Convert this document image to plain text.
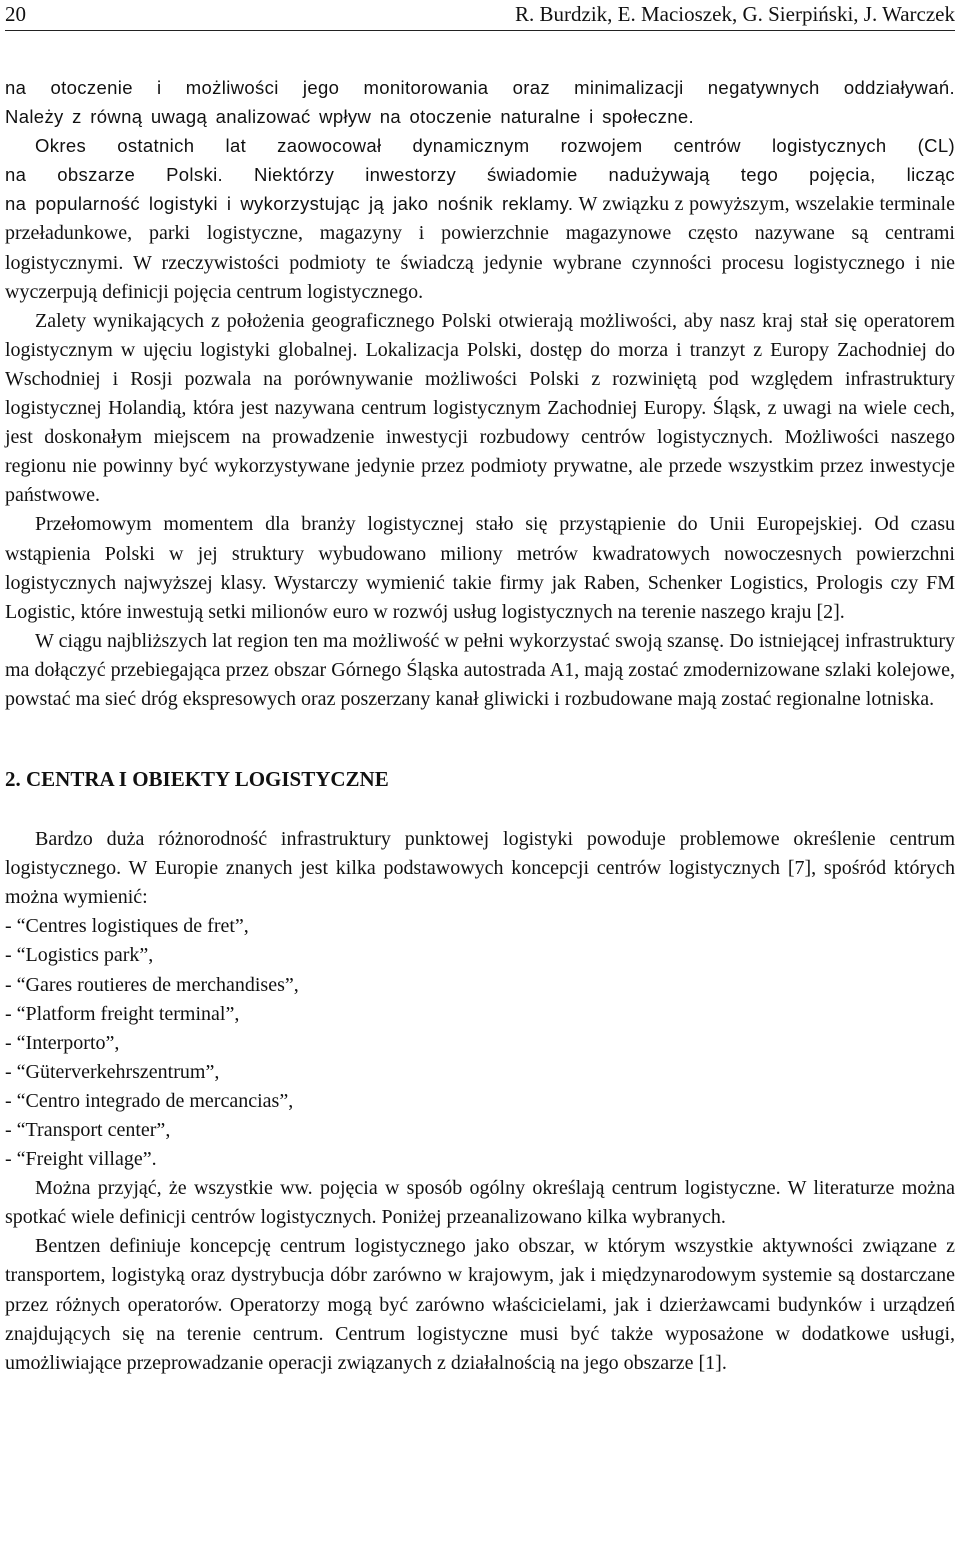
20	R. Burdzik, E. Macioszek, G. Sierpiński, J. Warczek

na otoczenie i możliwości jego monitorowania oraz minimalizacji negatywnych oddziaływań.

Należy z równą uwagą analizować wpływ na otoczenie naturalne i społeczne.

Okres ostatnich lat zaowocował dynamicznym rozwojem centrów logistycznych (CL)

na obszarze Polski. Niektórzy inwestorzy świadomie nadużywają tego pojęcia, licząc

na popularność logistyki i wykorzystując ją jako nośnik reklamy. W związku z powyższym, wszelakie terminale przeładunkowe, parki logistyczne, magazyny i powierzchnie magazynowe często nazywane są centrami logistycznymi. W rzeczywistości podmioty te świadczą jedynie wybrane czynności procesu logistycznego i nie wyczerpują definicji pojęcia centrum logistycznego.

Zalety wynikających z położenia geograficznego Polski otwierają możliwości, aby nasz kraj stał się operatorem logistycznym w ujęciu logistyki globalnej. Lokalizacja Polski, dostęp do morza i tranzyt z Europy Zachodniej do Wschodniej i Rosji pozwala na porównywanie możliwości Polski z rozwiniętą pod względem infrastruktury logistycznej Holandią, która jest nazywana centrum logistycznym Zachodniej Europy. Śląsk, z uwagi na wiele cech, jest doskonałym miejscem na prowadzenie inwestycji rozbudowy centrów logistycznych. Możliwości naszego regionu nie powinny być wykorzystywane jedynie przez podmioty prywatne, ale przede wszystkim przez inwestycje państwowe.

Przełomowym momentem dla branży logistycznej stało się przystąpienie do Unii Europejskiej. Od czasu wstąpienia Polski w jej struktury wybudowano miliony metrów kwadratowych nowoczesnych powierzchni logistycznych najwyższej klasy. Wystarczy wymienić takie firmy jak Raben, Schenker Logistics, Prologis czy FM Logistic, które inwestują setki milionów euro w rozwój usług logistycznych na terenie naszego kraju [2].

W ciągu najbliższych lat region ten ma możliwość w pełni wykorzystać swoją szansę. Do istniejącej infrastruktury ma dołączyć przebiegająca przez obszar Górnego Śląska autostrada A1, mają zostać zmodernizowane szlaki kolejowe, powstać ma sieć dróg ekspresowych oraz poszerzany kanał gliwicki i rozbudowane mają zostać regionalne lotniska.

2. CENTRA I OBIEKTY LOGISTYCZNE

Bardzo duża różnorodność infrastruktury punktowej logistyki powoduje problemowe określenie centrum logistycznego. W Europie znanych jest kilka podstawowych koncepcji centrów logistycznych [7], spośród których można wymienić:

- “Centres logistiques de fret”,
- “Logistics park”,
- “Gares routieres de merchandises”,
- “Platform freight terminal”,
- “Interporto”,
- “Güterverkehrszentrum”,
- “Centro integrado de mercancias”,
- “Transport center”,
- “Freight village”.

Można przyjąć, że wszystkie ww. pojęcia w sposób ogólny określają centrum logistyczne. W literaturze można spotkać wiele definicji centrów logistycznych. Poniżej przeanalizowano kilka wybranych.

Bentzen definiuje koncepcję centrum logistycznego jako obszar, w którym wszystkie aktywności związane z transportem, logistyką oraz dystrybucja dóbr zarówno w krajowym, jak i międzynarodowym systemie są dostarczane przez różnych operatorów. Operatorzy mogą być zarówno właścicielami, jak i dzierżawcami budynków i urządzeń znajdujących się na terenie centrum. Centrum logistyczne musi być także wyposażone w dodatkowe usługi, umożliwiające przeprowadzanie operacji związanych z działalnością na jego obszarze [1].
